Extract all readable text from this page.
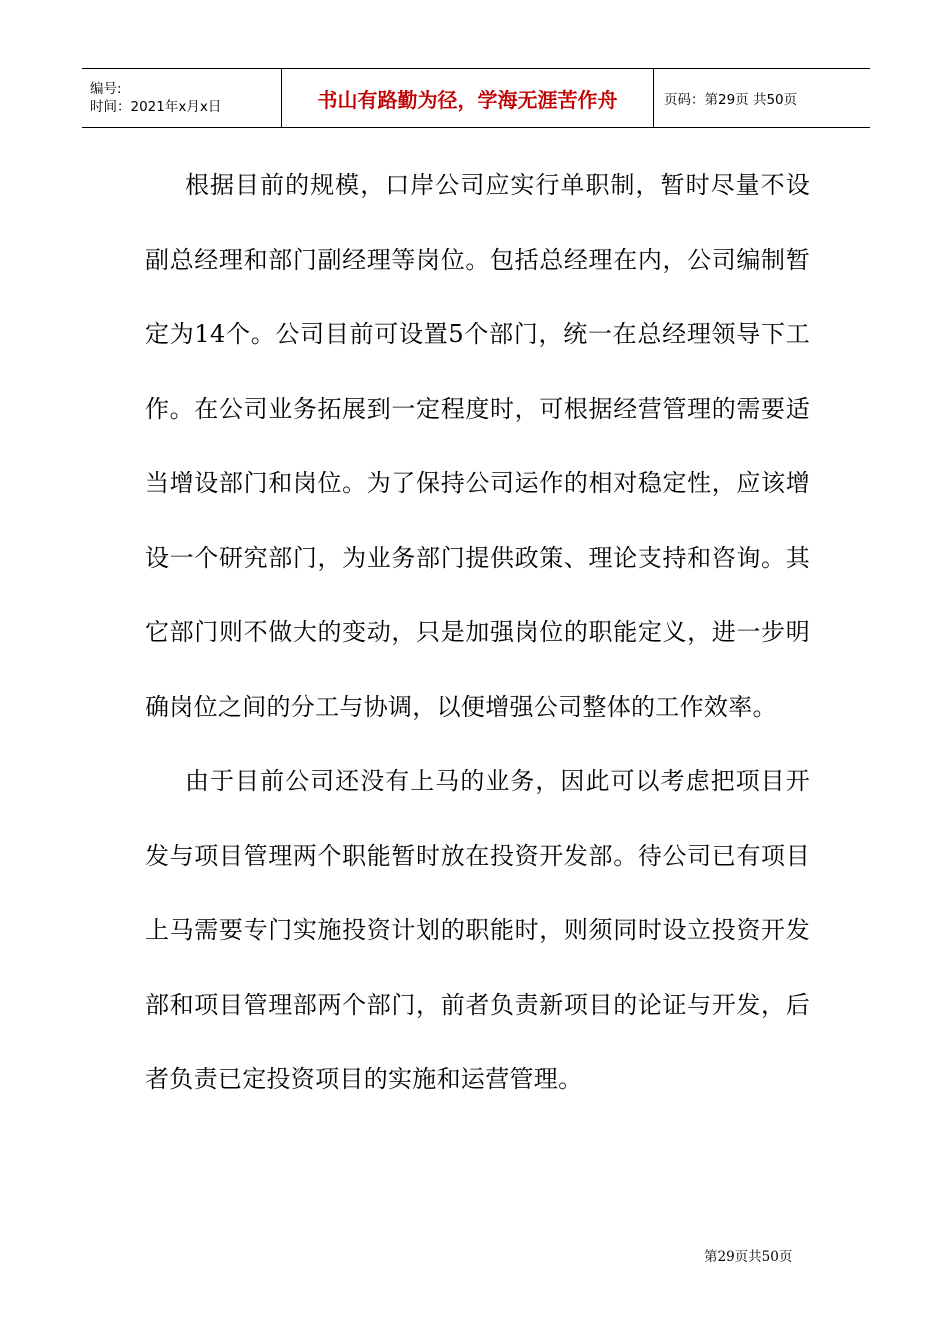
编号:
时间：2021年x月x日	书山有路勤为径，学海无涯苦作舟	页码：第29页 共50页

根据目前的规模，口岸公司应实行单职制，暂时尽量不设副总经理和部门副经理等岗位。包括总经理在内，公司编制暂定为14个。公司目前可设置5个部门，统一在总经理领导下工作。在公司业务拓展到一定程度时，可根据经营管理的需要适当增设部门和岗位。为了保持公司运作的相对稳定性，应该增设一个研究部门，为业务部门提供政策、理论支持和咨询。其它部门则不做大的变动，只是加强岗位的职能定义，进一步明确岗位之间的分工与协调，以便增强公司整体的工作效率。

由于目前公司还没有上马的业务，因此可以考虑把项目开发与项目管理两个职能暂时放在投资开发部。待公司已有项目上马需要专门实施投资计划的职能时，则须同时设立投资开发部和项目管理部两个部门，前者负责新项目的论证与开发，后者负责已定投资项目的实施和运营管理。

第29页共50页
